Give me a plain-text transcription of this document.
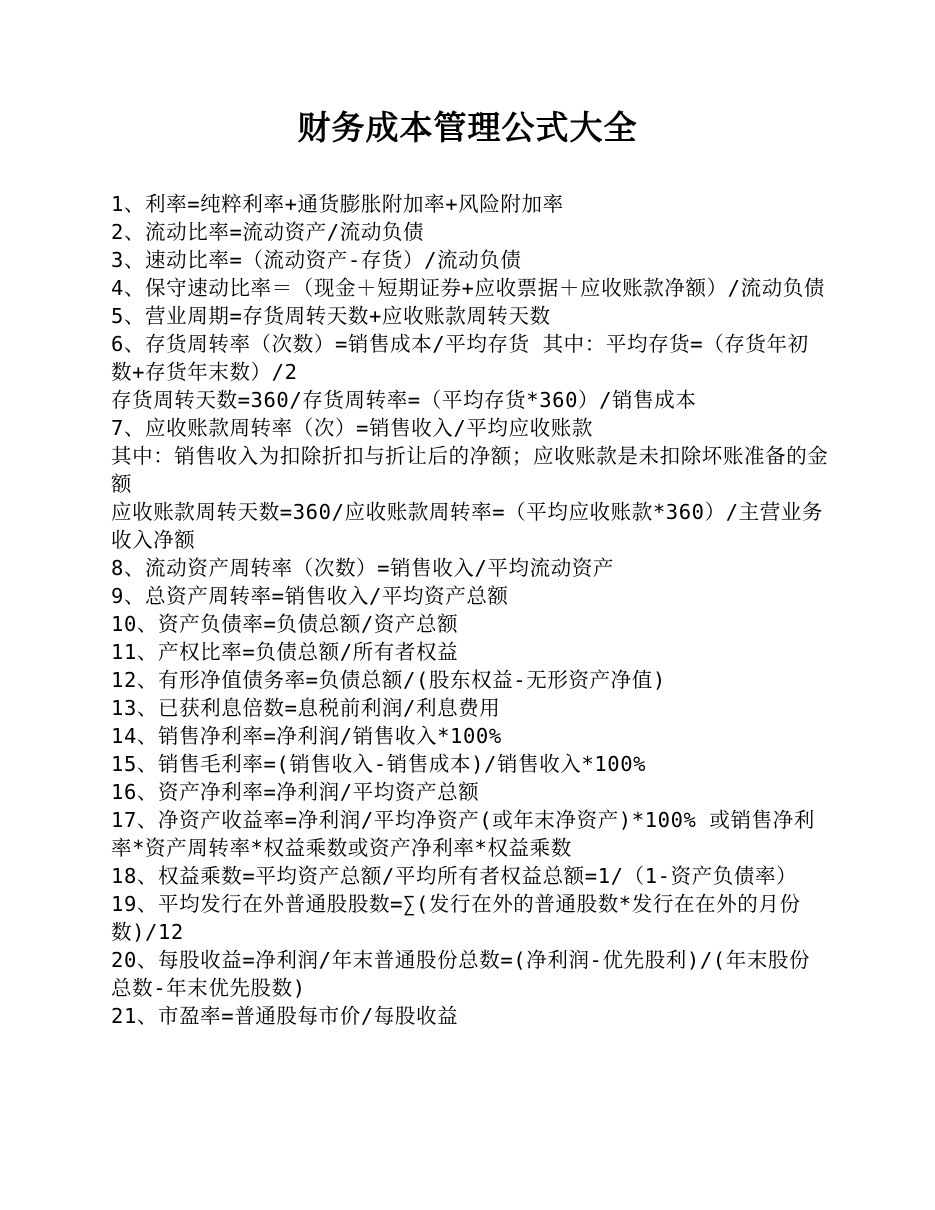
财务成本管理公式大全
1、利率=纯粹利率+通货膨胀附加率+风险附加率
2、流动比率=流动资产/流动负债
3、速动比率=（流动资产-存货）/流动负债
4、保守速动比率＝（现金＋短期证券+应收票据＋应收账款净额）/流动负债
5、营业周期=存货周转天数+应收账款周转天数
6、存货周转率（次数）=销售成本/平均存货 其中：平均存货=（存货年初数+存货年末数）/2
存货周转天数=360/存货周转率=（平均存货*360）/销售成本
7、应收账款周转率（次）=销售收入/平均应收账款
其中：销售收入为扣除折扣与折让后的净额；应收账款是未扣除坏账准备的金额
应收账款周转天数=360/应收账款周转率=（平均应收账款*360）/主营业务收入净额
8、流动资产周转率（次数）=销售收入/平均流动资产
9、总资产周转率=销售收入/平均资产总额
10、资产负债率=负债总额/资产总额
11、产权比率=负债总额/所有者权益
12、有形净值债务率=负债总额/(股东权益-无形资产净值)
13、已获利息倍数=息税前利润/利息费用
14、销售净利率=净利润/销售收入*100%
15、销售毛利率=(销售收入-销售成本)/销售收入*100%
16、资产净利率=净利润/平均资产总额
17、净资产收益率=净利润/平均净资产(或年末净资产)*100% 或销售净利率*资产周转率*权益乘数或资产净利率*权益乘数
18、权益乘数=平均资产总额/平均所有者权益总额=1/（1-资产负债率）
19、平均发行在外普通股股数=∑(发行在外的普通股数*发行在在外的月份数)/12
20、每股收益=净利润/年末普通股份总数=(净利润-优先股利)/(年末股份总数-年末优先股数)
21、市盈率=普通股每市价/每股收益
